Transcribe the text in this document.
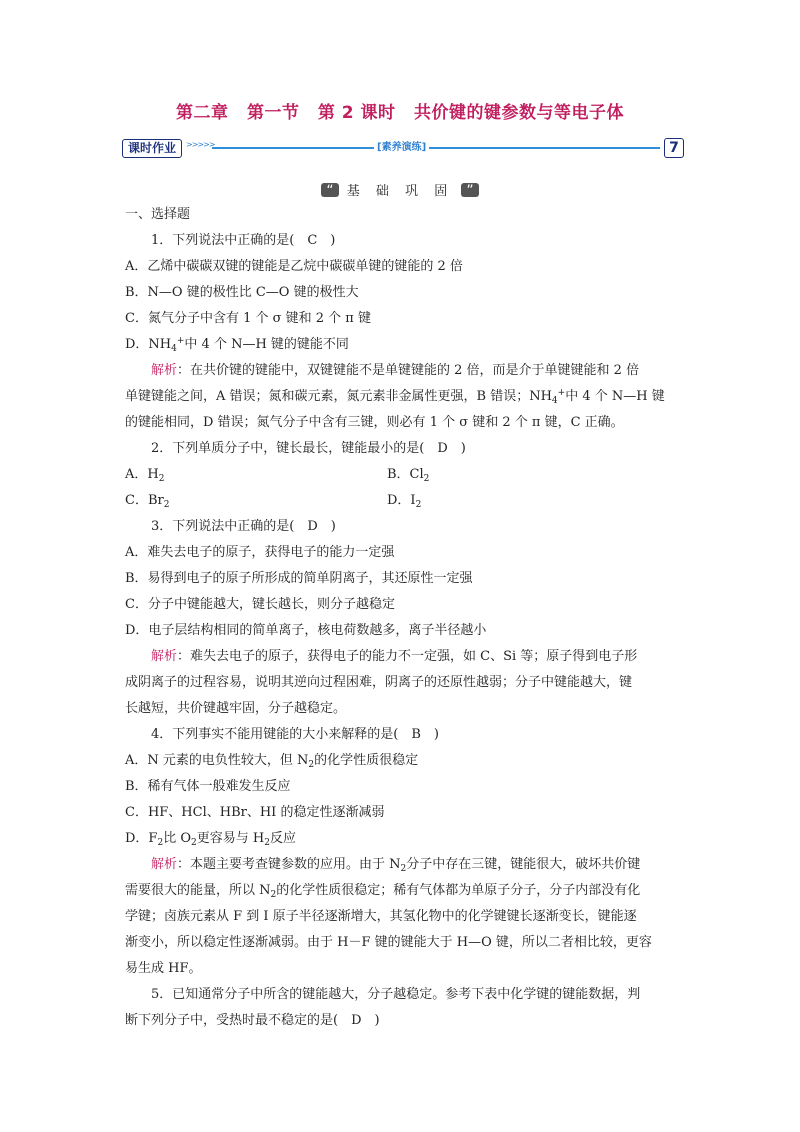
第二章 第一节 第 2 课时 共价键的键参数与等电子体
课时作业	>>>>>	[素养演练]	7
“ 基 础 巩 固 ”
一、选择题
1．下列说法中正确的是(　C　)
A．乙烯中碳碳双键的键能是乙烷中碳碳单键的键能的 2 倍
B．N—O 键的极性比 C—O 键的极性大
C．氮气分子中含有 1 个 σ 键和 2 个 π 键
D．$NH_4^+$中 4 个 N—H 键的键能不同
解析：在共价键的键能中，双键键能不是单键键能的 2 倍，而是介于单键键能和 2 倍
单键键能之间，A 错误；氮和碳元素，氮元素非金属性更强，B 错误；$NH_4^+$中 4 个 N—H 键
的键能相同，D 错误；氮气分子中含有三键，则必有 1 个 σ 键和 2 个 π 键，C 正确。
2．下列单质分子中，键长最长，键能最小的是(　D　)
A．$H_2$	B．$Cl_2$
C．$Br_2$	D．$I_2$
3．下列说法中正确的是(　D　)
A．难失去电子的原子，获得电子的能力一定强
B．易得到电子的原子所形成的简单阴离子，其还原性一定强
C．分子中键能越大，键长越长，则分子越稳定
D．电子层结构相同的简单离子，核电荷数越多，离子半径越小
解析：难失去电子的原子，获得电子的能力不一定强，如 C、Si 等；原子得到电子形
成阴离子的过程容易，说明其逆向过程困难，阴离子的还原性越弱；分子中键能越大，键
长越短，共价键越牢固，分子越稳定。
4．下列事实不能用键能的大小来解释的是(　B　)
A．N 元素的电负性较大，但 $N_2$的化学性质很稳定
B．稀有气体一般难发生反应
C．HF、HCl、HBr、HI 的稳定性逐渐减弱
D．$F_2$比 $O_2$更容易与 $H_2$反应
解析：本题主要考查键参数的应用。由于 $N_2$分子中存在三键，键能很大，破坏共价键
需要很大的能量，所以 $N_2$的化学性质很稳定；稀有气体都为单原子分子，分子内部没有化
学键；卤族元素从 F 到 I 原子半径逐渐增大，其氢化物中的化学键键长逐渐变长，键能逐
渐变小，所以稳定性逐渐减弱。由于 H－F 键的键能大于 H—O 键，所以二者相比较，更容
易生成 HF。
5．已知通常分子中所含的键能越大，分子越稳定。参考下表中化学键的键能数据，判
断下列分子中，受热时最不稳定的是(　D　)
